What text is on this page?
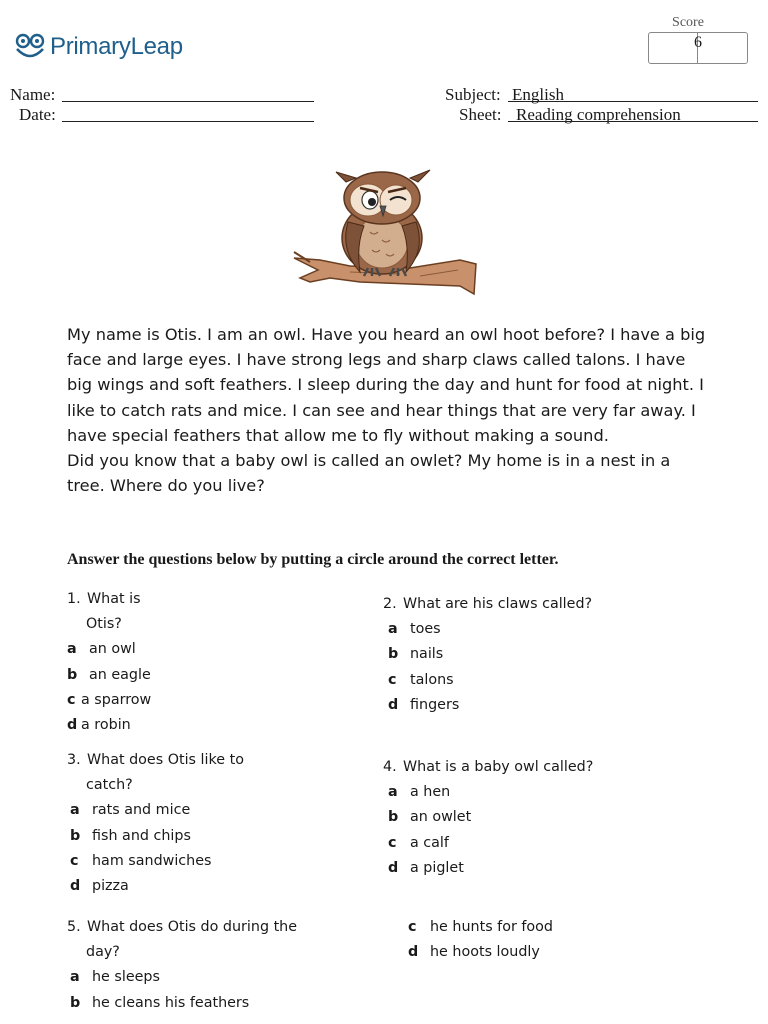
PrimaryLeap
Score
6
Name:
Date:
Subject: English
Sheet: Reading comprehension

My name is Otis. I am an owl. Have you heard an owl hoot before? I have a big face and large eyes. I have strong legs and sharp claws called talons. I have big wings and soft feathers. I sleep during the day and hunt for food at night. I like to catch rats and mice. I can see and hear things that are very far away. I have special feathers that allow me to fly without making a sound.

Did you know that a baby owl is called an owlet? My home is in a nest in a tree. Where do you live?

Answer the questions below by putting a circle around the correct letter.
1. What is
Otis?
a an owl
b an eagle
c a sparrow
d a robin
2. What are his claws called?
a toes
b nails
c talons
d fingers
3. What does Otis like to
catch?
a rats and mice
b fish and chips
c ham sandwiches
d pizza
4. What is a baby owl called?
a a hen
b an owlet
c a calf
d a piglet
5. What does Otis do during the
day?
a he sleeps
b he cleans his feathers
c he hunts for food
d he hoots loudly
